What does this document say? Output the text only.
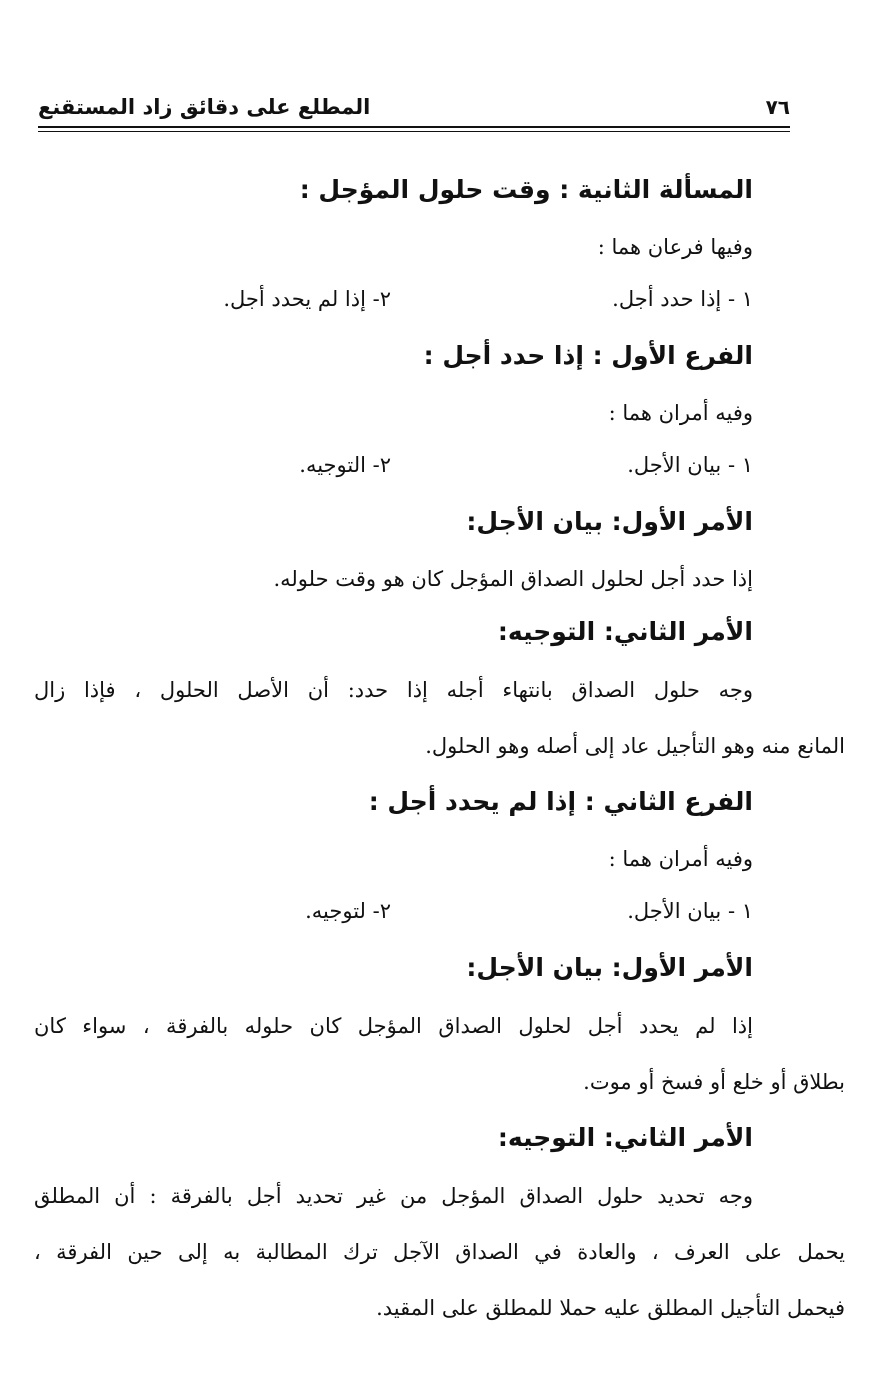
٧٦
المطلع على دقائق زاد المستقنع
المسألة الثانية : وقت حلول المؤجل :
وفيها فرعان هما :
١ - إذا حدد أجل.
٢- إذا لم يحدد أجل.
الفرع الأول : إذا حدد أجل :
وفيه أمران هما :
١ - بيان الأجل.
٢- التوجيه.
الأمر الأول: بيان الأجل:
إذا حدد أجل لحلول الصداق المؤجل كان هو وقت حلوله.
الأمر الثاني: التوجيه:
وجه حلول الصداق بانتهاء أجله إذا حدد: أن الأصل الحلول ، فإذا زال
المانع منه وهو التأجيل عاد إلى أصله وهو الحلول.
الفرع الثاني : إذا لم يحدد أجل :
وفيه أمران هما :
١ - بيان الأجل.
٢- لتوجيه.
الأمر الأول: بيان الأجل:
إذا لم يحدد أجل لحلول الصداق المؤجل كان حلوله بالفرقة ، سواء كان
بطلاق أو خلع أو فسخ أو موت.
الأمر الثاني: التوجيه:
وجه تحديد حلول الصداق المؤجل من غير تحديد أجل بالفرقة : أن المطلق
يحمل على العرف ، والعادة في الصداق الآجل ترك المطالبة به إلى حين الفرقة ،
فيحمل التأجيل المطلق عليه حملا للمطلق على المقيد.
